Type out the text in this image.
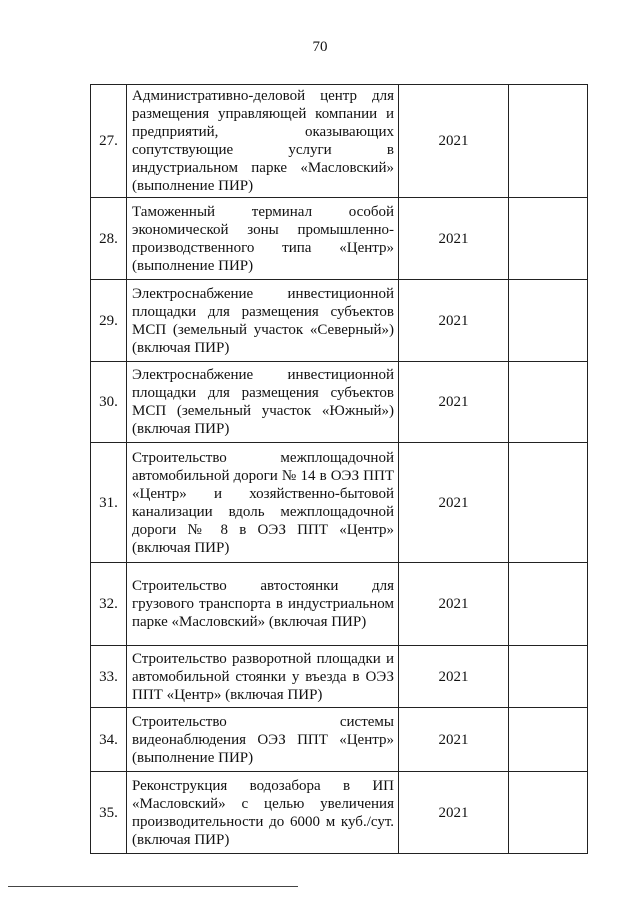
70
27.	Административно-деловой центр для размещения управляющей компании и предприятий, оказывающих сопутствующие услуги в индустриальном парке «Масловский» (выполнение ПИР)	2021	
28.	Таможенный терминал особой экономической зоны промышленно-производственного типа «Центр» (выполнение ПИР)	2021	
29.	Электроснабжение инвестиционной площадки для размещения субъектов МСП (земельный участок «Северный») (включая ПИР)	2021	
30.	Электроснабжение инвестиционной площадки для размещения субъектов МСП (земельный участок «Южный») (включая ПИР)	2021	
31.	Строительство межплощадочной автомобильной дороги № 14 в ОЭЗ ППТ «Центр» и хозяйственно-бытовой канализации вдоль межплощадочной дороги № 8 в ОЭЗ ППТ «Центр» (включая ПИР)	2021	
32.	Строительство автостоянки для грузового транспорта в индустриальном парке «Масловский» (включая ПИР)	2021	
33.	Строительство разворотной площадки и автомобильной стоянки у въезда в ОЭЗ ППТ «Центр» (включая ПИР)	2021	
34.	Строительство системы видеонаблюдения ОЭЗ ППТ «Центр» (выполнение ПИР)	2021	
35.	Реконструкция водозабора в ИП «Масловский» с целью увеличения производительности до 6000 м куб./сут. (включая ПИР)	2021	
